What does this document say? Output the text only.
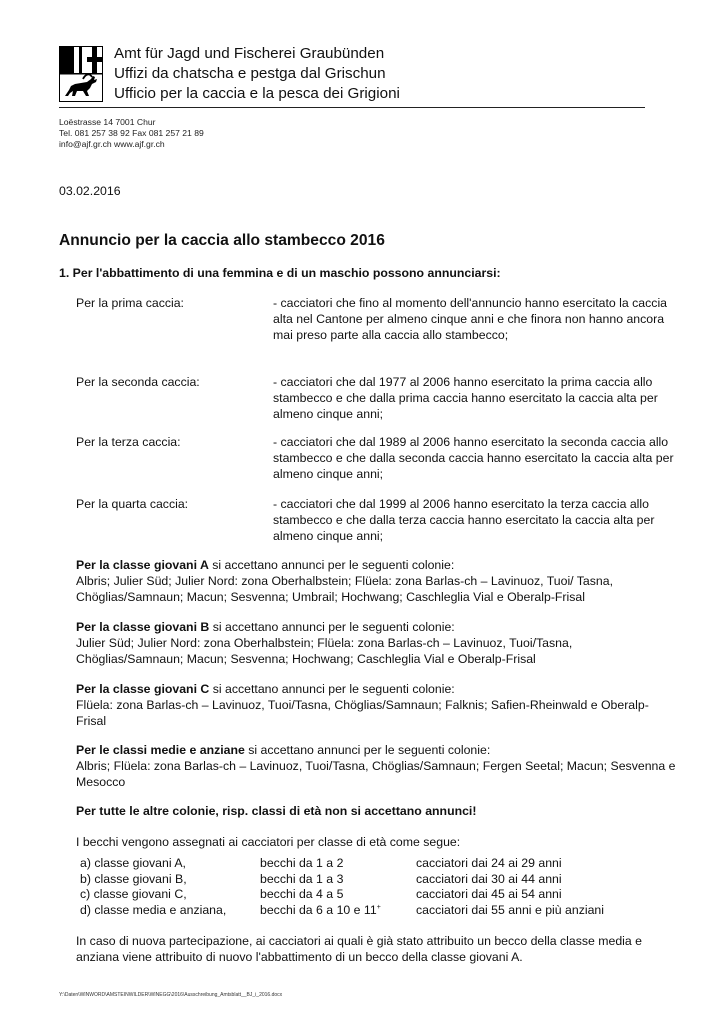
Amt für Jagd und Fischerei Graubünden
Uffizi da chatscha e pestga dal Grischun
Ufficio per la caccia e la pesca dei Grigioni
Loëstrasse 14 7001 Chur
Tel. 081 257 38 92 Fax 081 257 21 89
info@ajf.gr.ch www.ajf.gr.ch
03.02.2016
Annuncio per la caccia allo stambecco 2016
1. Per l'abbattimento di una femmina e di un maschio possono annunciarsi:
Per la prima caccia:	- cacciatori che fino al momento dell'annuncio hanno esercitato la caccia alta nel Cantone per almeno cinque anni e che finora non hanno ancora mai preso parte alla caccia allo stambecco;
Per la seconda caccia:	- cacciatori che dal 1977 al 2006 hanno esercitato la prima caccia allo stambecco e che dalla prima caccia hanno esercitato la caccia alta per almeno cinque anni;
Per la terza caccia:	- cacciatori che dal 1989 al 2006 hanno esercitato la seconda caccia allo stambecco e che dalla seconda caccia hanno esercitato la caccia alta per almeno cinque anni;
Per la quarta caccia:	- cacciatori che dal 1999 al 2006 hanno esercitato la terza caccia allo stambecco e che dalla terza caccia hanno esercitato la caccia alta per almeno cinque anni;
Per la classe giovani A si accettano annunci per le seguenti colonie:
Albris; Julier Süd; Julier Nord: zona Oberhalbstein; Flüela: zona Barlas-ch – Lavinuoz, Tuoi/ Tasna, Chöglias/Samnaun; Macun; Sesvenna; Umbrail; Hochwang; Caschleglia Vial e Oberalp-Frisal
Per la classe giovani B si accettano annunci per le seguenti colonie:
Julier Süd; Julier Nord: zona Oberhalbstein; Flüela: zona Barlas-ch – Lavinuoz, Tuoi/Tasna, Chöglias/Samnaun; Macun; Sesvenna; Hochwang; Caschleglia Vial e Oberalp-Frisal
Per la classe giovani C si accettano annunci per le seguenti colonie:
Flüela: zona Barlas-ch – Lavinuoz, Tuoi/Tasna, Chöglias/Samnaun; Falknis; Safien-Rheinwald e Oberalp-Frisal
Per le classi medie e anziane si accettano annunci per le seguenti colonie:
Albris; Flüela: zona Barlas-ch – Lavinuoz, Tuoi/Tasna, Chöglias/Samnaun; Fergen Seetal; Macun; Sesvenna e Mesocco
Per tutte le altre colonie, risp. classi di età non si accettano annunci!
I becchi vengono assegnati ai cacciatori per classe di età come segue:
a) classe giovani A,	becchi da 1 a 2	cacciatori dai 24 ai 29 anni
b) classe giovani B,	becchi da 1 a 3	cacciatori dai 30 ai 44 anni
c) classe giovani C,	becchi da 4 a 5	cacciatori dai 45 ai 54 anni
d) classe media e anziana,	becchi da 6 a 10 e 11+	cacciatori dai 55 anni e più anziani
In caso di nuova partecipazione, ai cacciatori ai quali è già stato attribuito un becco della classe media e anziana viene attribuito di nuovo l'abbattimento di un becco della classe giovani A.
Y:\Daten\WINWORD\AMSTEINWILDER\WINEGG\2016\Ausschreibung_Amtsblatt__BJ_i_2016.docx
